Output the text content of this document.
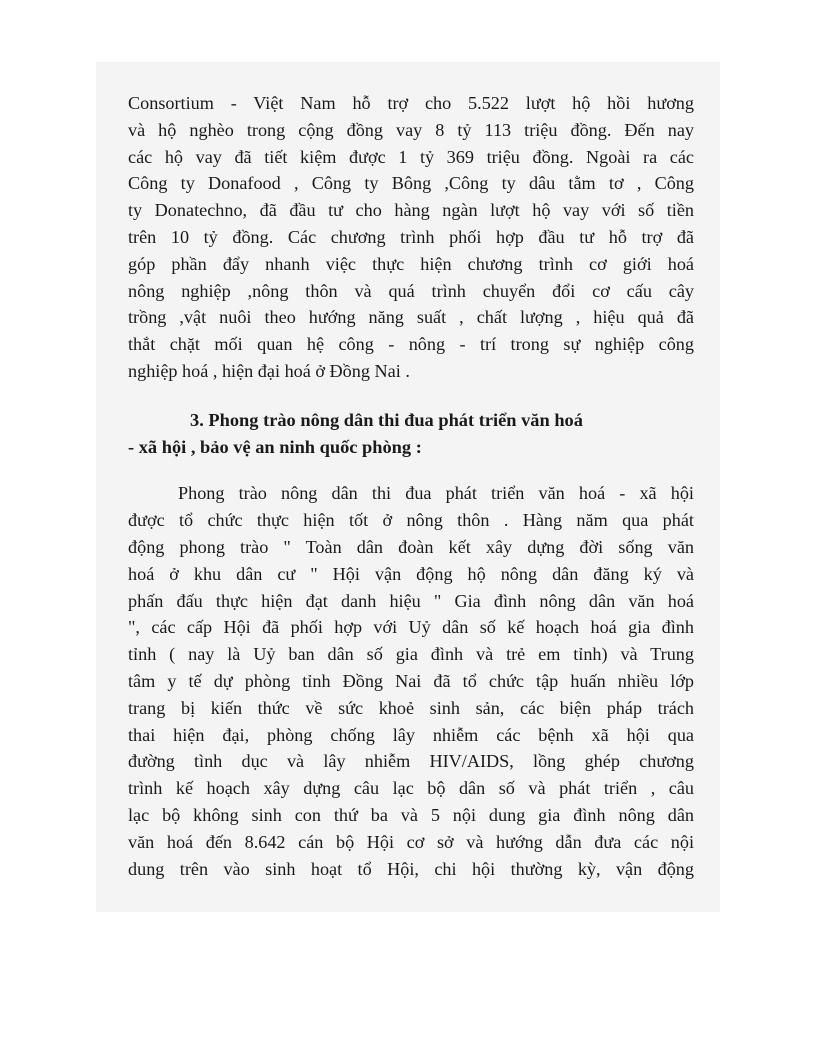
Consortium - Việt Nam hỗ trợ cho 5.522 lượt hộ hồi hương
và hộ nghèo trong cộng đồng vay 8 tỷ 113 triệu đồng. Đến nay
các hộ vay đã tiết kiệm được 1 tỷ 369 triệu đồng. Ngoài ra các
Công ty Donafood , Công ty Bông ,Công ty dâu tằm tơ , Công
ty Donatechno, đã đầu tư cho hàng ngàn lượt hộ vay với số tiền
trên 10 tỷ đồng. Các chương trình phối hợp đầu tư hỗ trợ đã
góp phần đẩy nhanh việc thực hiện chương trình cơ giới hoá
nông nghiệp ,nông thôn và quá trình chuyển đổi cơ cấu cây
trồng ,vật nuôi theo hướng năng suất , chất lượng , hiệu quả đã
thắt chặt mối quan hệ công - nông - trí trong sự nghiệp công
nghiệp hoá , hiện đại hoá ở Đồng Nai .
3. Phong trào nông dân thi đua phát triển văn hoá
- xã hội , bảo vệ an ninh quốc phòng :
Phong trào nông dân thi đua phát triển văn hoá - xã hội
được tổ chức thực hiện tốt ở nông thôn . Hàng năm qua phát
động phong trào " Toàn dân đoàn kết xây dựng đời sống văn
hoá ở khu dân cư " Hội vận động hộ nông dân đăng ký và
phấn đấu thực hiện đạt danh hiệu " Gia đình nông dân văn hoá
", các cấp Hội đã phối hợp với Uỷ dân số kế hoạch hoá gia đình
tỉnh ( nay là Uỷ ban dân số gia đình và trẻ em tỉnh) và Trung
tâm y tế dự phòng tỉnh Đồng Nai đã tổ chức tập huấn nhiều lớp
trang bị kiến thức về sức khoẻ sinh sản, các biện pháp trách
thai hiện đại, phòng chống lây nhiễm các bệnh xã hội qua
đường tình dục và lây nhiễm HIV/AIDS, lồng ghép chương
trình kế hoạch xây dựng câu lạc bộ dân số và phát triển , câu
lạc bộ không sinh con thứ ba và 5 nội dung gia đình nông dân
văn hoá đến 8.642 cán bộ Hội cơ sở và hướng dẫn đưa các nội
dung trên vào sinh hoạt tổ Hội, chi hội thường kỳ, vận động
